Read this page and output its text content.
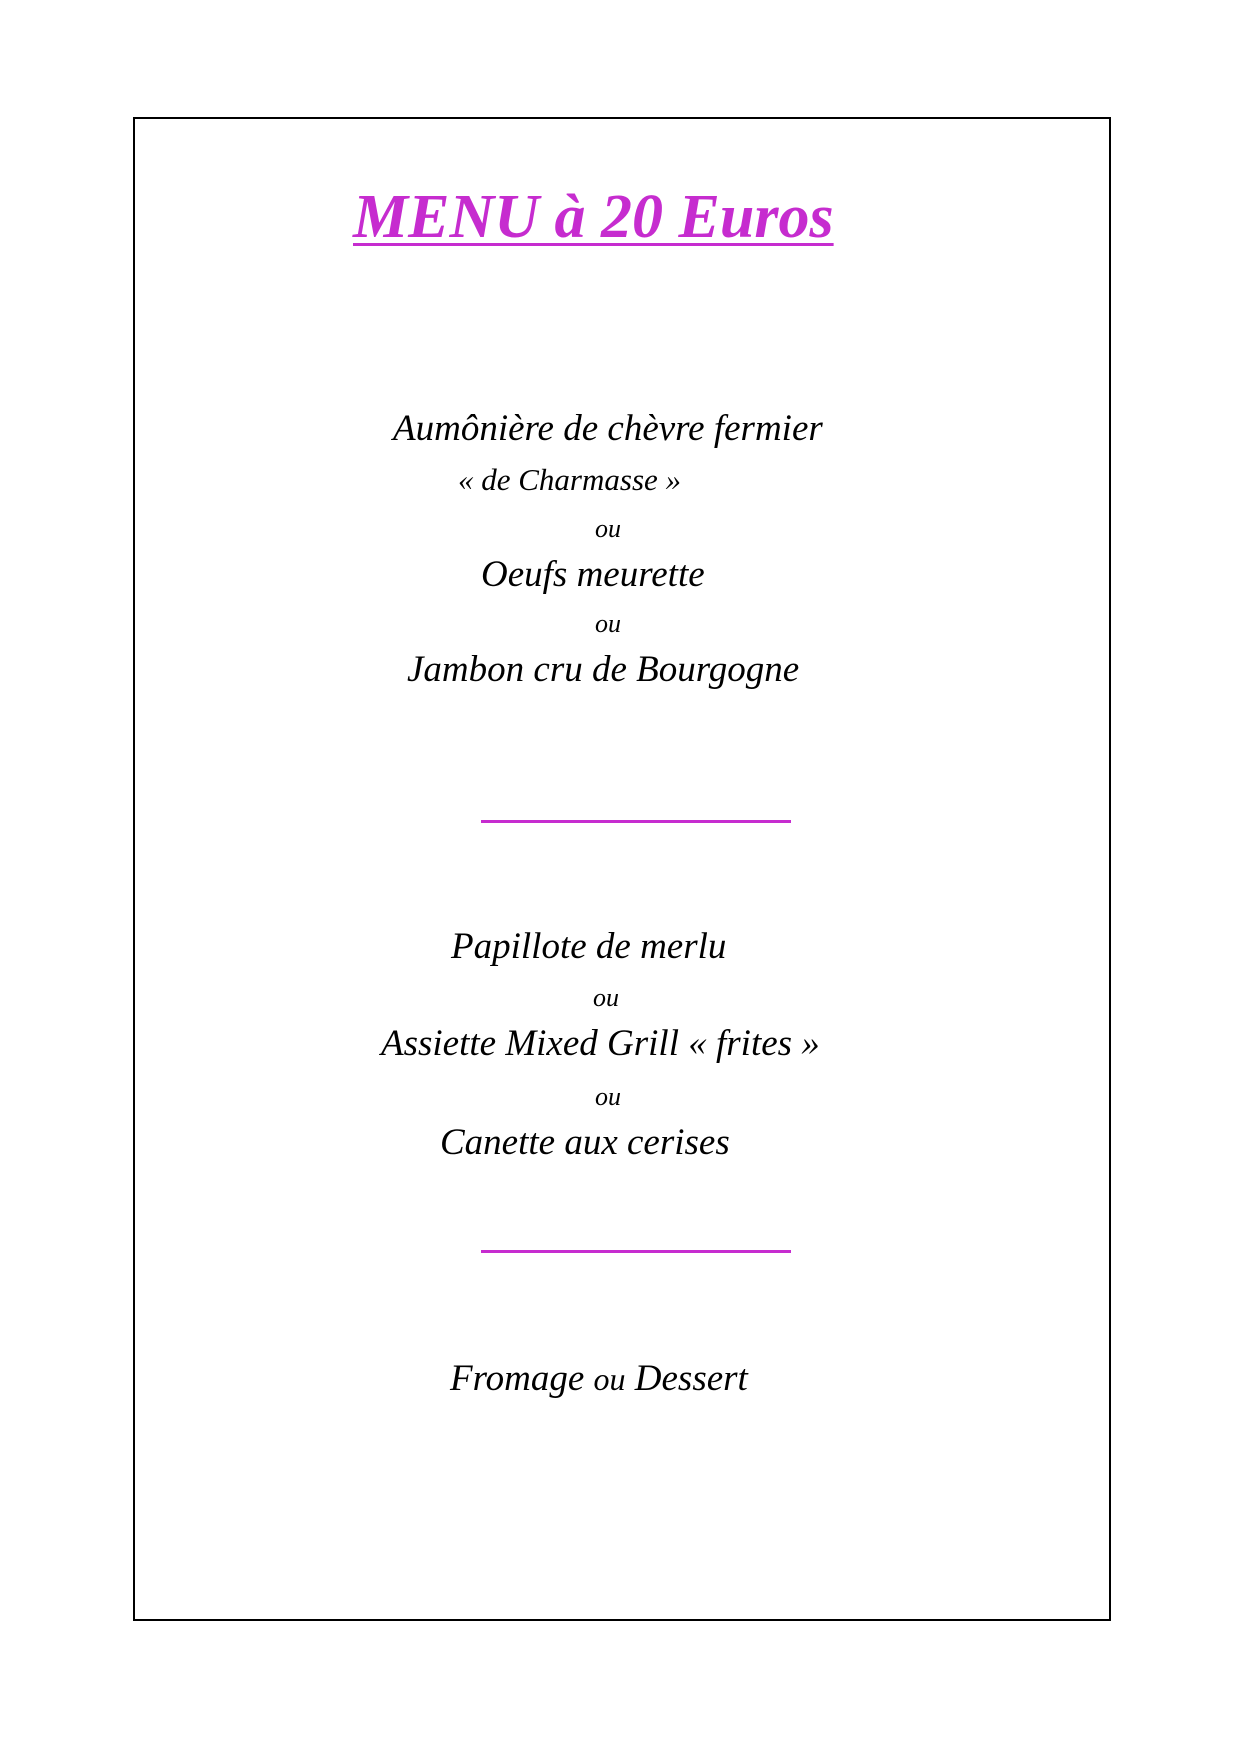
MENU à 20 Euros
Aumônière de chèvre fermier
« de Charmasse »
ou
Oeufs meurette
ou
Jambon cru de Bourgogne
Papillote de merlu
ou
Assiette Mixed Grill « frites »
ou
Canette aux cerises
Fromage ou Dessert
